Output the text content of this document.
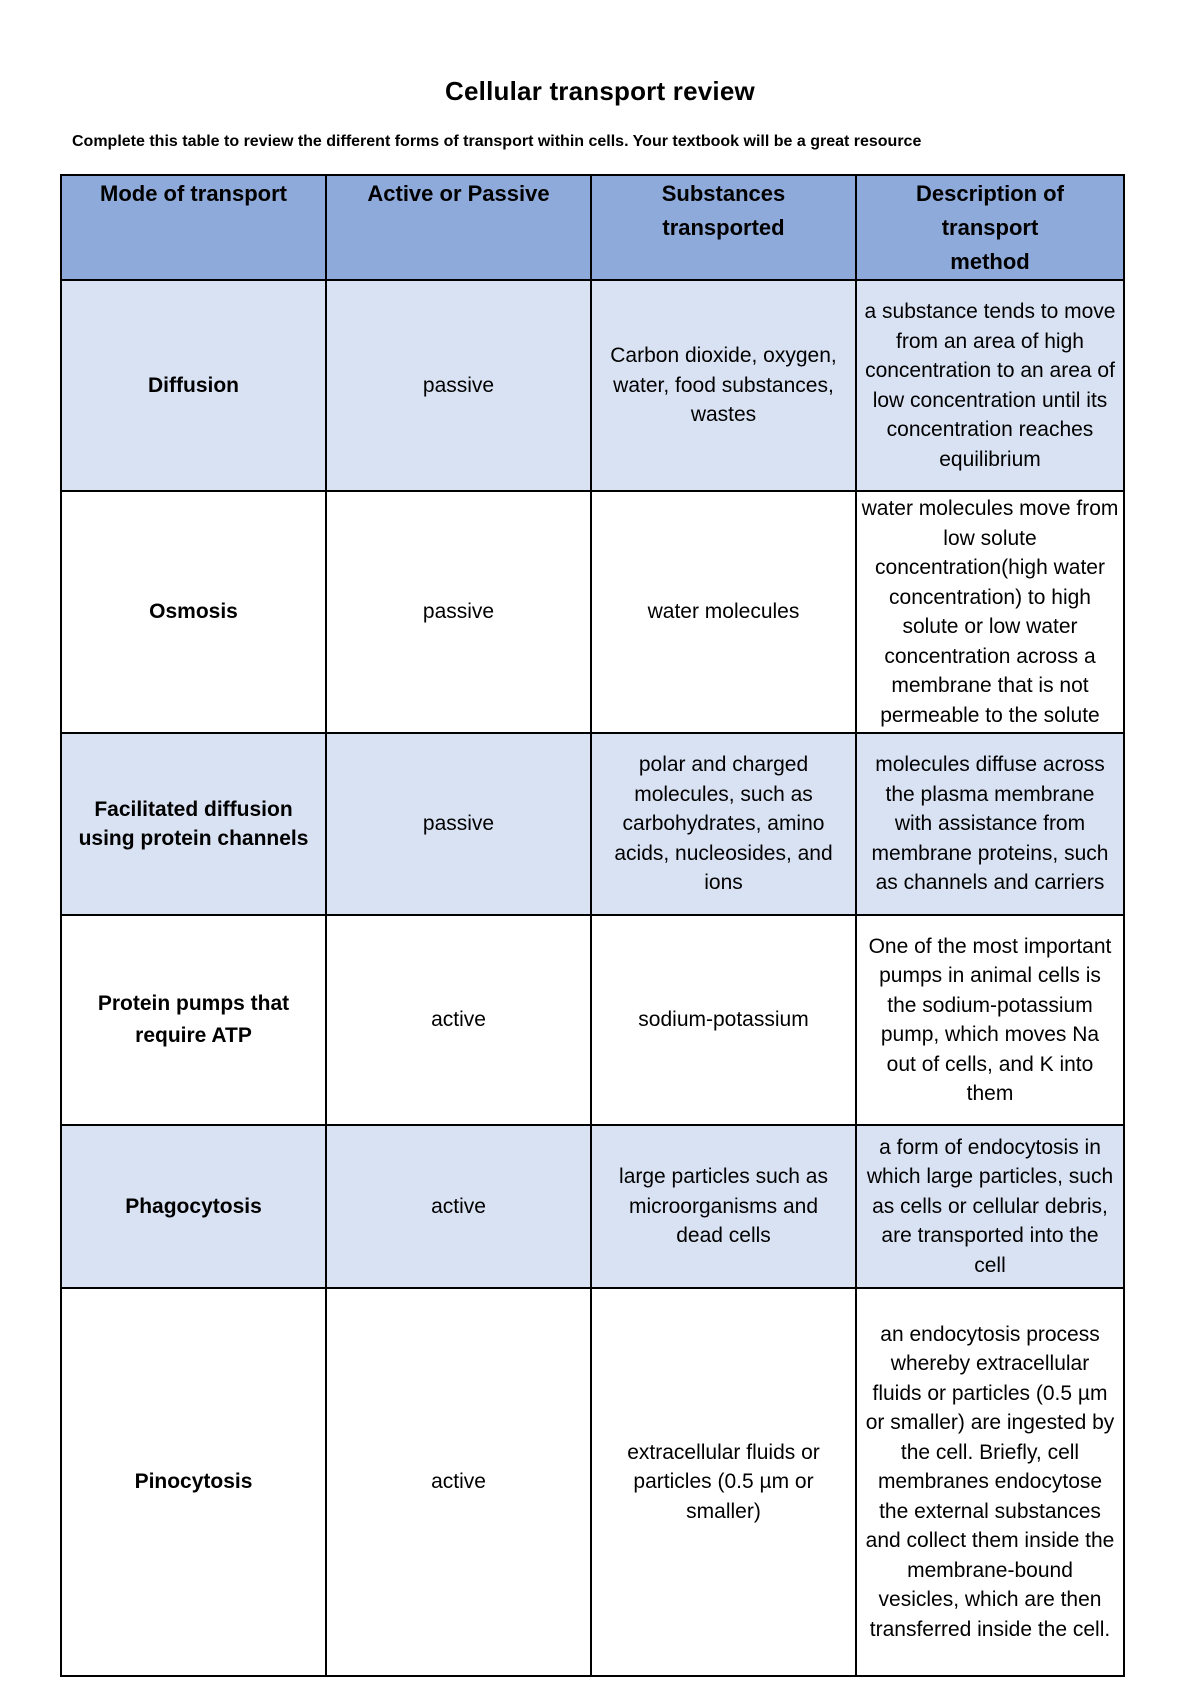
Cellular transport review
Complete this table to review the different forms of transport within cells. Your textbook will be a great resource
Mode of transport	Active or Passive	Substances transported	Description of transport method
Diffusion	passive	Carbon dioxide, oxygen, water, food substances, wastes	a substance tends to move from an area of high concentration to an area of low concentration until its concentration reaches equilibrium
Osmosis	passive	water molecules	water molecules move from low solute concentration(high water concentration) to high solute or low water concentration across a membrane that is not permeable to the solute
Facilitated diffusion using protein channels	passive	polar and charged molecules, such as carbohydrates, amino acids, nucleosides, and ions	molecules diffuse across the plasma membrane with assistance from membrane proteins, such as channels and carriers
Protein pumps that require ATP	active	sodium-potassium	One of the most important pumps in animal cells is the sodium-potassium pump, which moves Na out of cells, and K into them
Phagocytosis	active	large particles such as microorganisms and dead cells	a form of endocytosis in which large particles, such as cells or cellular debris, are transported into the cell
Pinocytosis	active	extracellular fluids or particles (0.5 µm or smaller)	an endocytosis process whereby extracellular fluids or particles (0.5 µm or smaller) are ingested by the cell. Briefly, cell membranes endocytose the external substances and collect them inside the membrane-bound vesicles, which are then transferred inside the cell.
